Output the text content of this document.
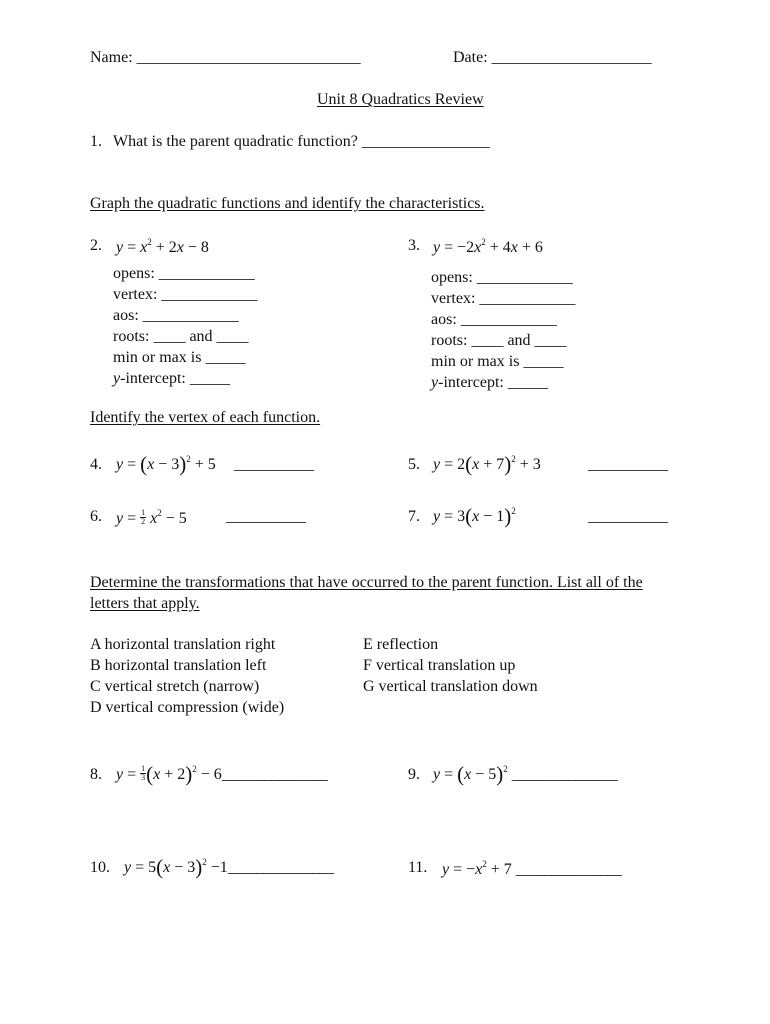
Name: ____________________________	Date: ____________________
Unit 8 Quadratics Review
1. What is the parent quadratic function? ________________
Graph the quadratic functions and identify the characteristics.
2. $y = x^2 + 2x - 8$
opens: ____________
vertex: ____________
aos: ____________
roots: ____ and ____
min or max is _____
y-intercept: _____
3. $y = -2x^2 + 4x + 6$
opens: ____________
vertex: ____________
aos: ____________
roots: ____ and ____
min or max is _____
y-intercept: _____
Identify the vertex of each function.
4. $y = (x - 3)^2 + 5$ __________	5. $y = 2(x + 7)^2 + 3$	__________
6. $y = \frac{1}{2} x^2 - 5$ __________	7. $y = 3(x - 1)^2$	__________
Determine the transformations that have occurred to the parent function. List all of the
letters that apply.
A horizontal translation right
B horizontal translation left
C vertical stretch (narrow)
D vertical compression (wide)
E reflection
F vertical translation up
G vertical translation down
8. $y = \frac{1}{3} (x + 2)^2$ − 6_______________	9. $y = (x - 5)^2$ _______________
10. $y = 5(x - 3)^2$ −1_______________	11. $y = -x^2 + 7$ _______________
